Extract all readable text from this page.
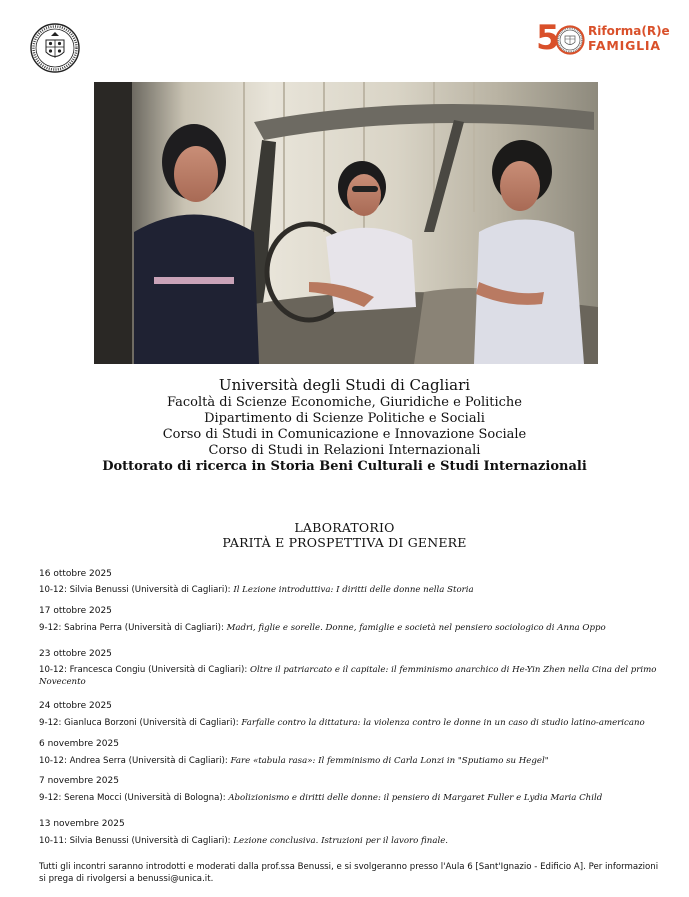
5 Riforma(R)e
FAMIGLIA
Università degli Studi di Cagliari
Facoltà di Scienze Economiche, Giuridiche e Politiche
Dipartimento di Scienze Politiche e Sociali
Corso di Studi in Comunicazione e Innovazione Sociale
Corso di Studi in Relazioni Internazionali
Dottorato di ricerca in Storia Beni Culturali e Studi Internazionali
LABORATORIO
PARITÀ E PROSPETTIVA DI GENERE
16 ottobre 2025
10-12: Silvia Benussi (Università di Cagliari): Il Lezione introduttiva: I diritti delle donne nella Storia
17 ottobre 2025
9-12: Sabrina Perra (Università di Cagliari): Madri, figlie e sorelle. Donne, famiglie e società nel pensiero sociologico di Anna Oppo
23 ottobre 2025
10-12: Francesca Congiu (Università di Cagliari): Oltre il patriarcato e il capitale: il femminismo anarchico di He-Yin Zhen nella Cina del primo Novecento
24 ottobre 2025
9-12: Gianluca Borzoni (Università di Cagliari): Farfalle contro la dittatura: la violenza contro le donne in un caso di studio latino-americano
6 novembre 2025
10-12: Andrea Serra (Università di Cagliari): Fare «tabula rasa»: Il femminismo di Carla Lonzi in "Sputiamo su Hegel"
7 novembre 2025
9-12: Serena Mocci (Università di Bologna): Abolizionismo e diritti delle donne: il pensiero di Margaret Fuller e Lydia Maria Child
13 novembre 2025
10-11: Silvia Benussi (Università di Cagliari): Lezione conclusiva. Istruzioni per il lavoro finale.
Tutti gli incontri saranno introdotti e moderati dalla prof.ssa Benussi, e si svolgeranno presso l'Aula 6 [Sant'Ignazio - Edificio A]. Per informazioni si prega di rivolgersi a benussi@unica.it.
